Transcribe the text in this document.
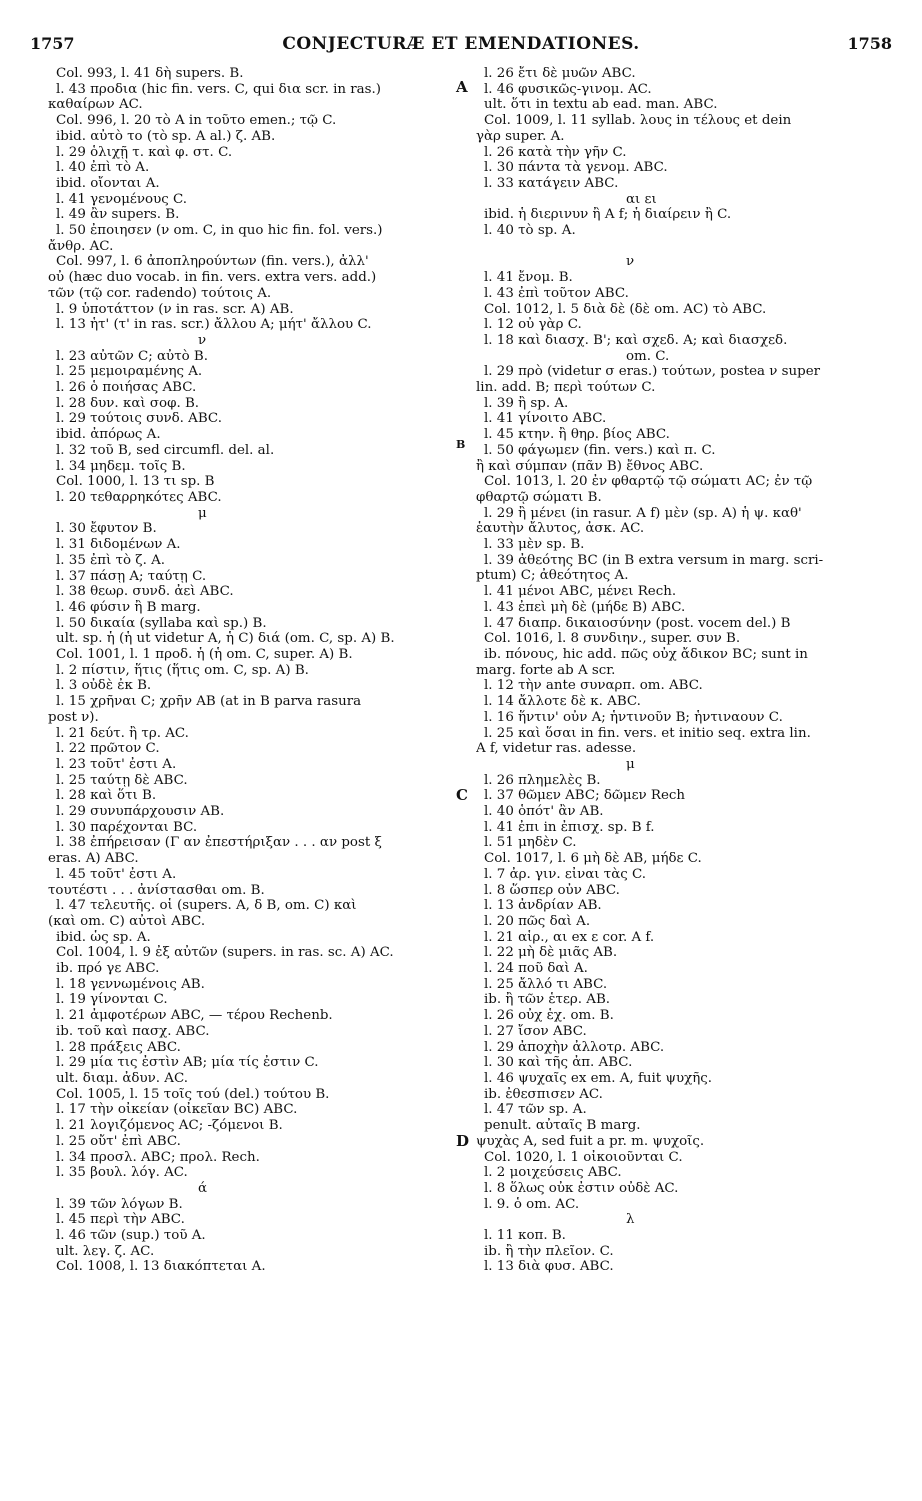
1757	CONJECTURÆ ET EMENDATIONES.	1758
Col. 993, l. 41 δὴ supers. B.
l. 43 προδια (hic fin. vers. C, qui δια scr. in ras.)
καθαίρων AC.
Col. 996, l. 20 τὸ A in τοῦτο emen.; τῷ C.
ibid. αὐτὸ το (τὸ sp. A al.) ζ. AB.
l. 29 ὁλιχῇ τ. καὶ φ. στ. C.
l. 40 ἐπὶ τὸ A.
ibid. οἴονται A.
l. 41 γενομένους C.
l. 49 ἂν supers. B.
l. 50 ἐποιησεν (ν om. C, in quo hic fin. fol. vers.)
ἄνθρ. AC.
Col. 997, l. 6 ἀποπληρούντων (fin. vers.), ἀλλ'
οὐ (hæc duo vocab. in fin. vers. extra vers. add.)
τῶν (τῷ cor. radendo) τούτοις A.
l. 9 ὑποτάττον (ν in ras. scr. A) AB.
l. 13 ἧτ' (τ' in ras. scr.) ἄλλου A; μήτ' ἄλλου C.
ν
l. 23 αὐτῶν C; αὐτὸ B.
l. 25 μεμοιραμένης A.
l. 26 ὁ ποιήσας ABC.
l. 28 δυν. καὶ σοφ. B.
l. 29 τούτοις συνδ. ABC.
ibid. ἀπόρως A.
l. 32 τοῦ B, sed circumfl. del. al.
l. 34 μηδεμ. τοῖς B.
Col. 1000, l. 13 τι sp. B
l. 20 τεθαρρηκότες ABC.
μ
l. 30 ἔφυτον B.
l. 31 διδομένων A.
l. 35 ἐπὶ τὸ ζ. A.
l. 37 πάσῃ A; ταύτῃ C.
l. 38 θεωρ. συνδ. ἀεὶ ABC.
l. 46 φύσιν ἢ B marg.
l. 50 δικαία (syllaba καὶ sp.) B.
ult. sp. ἡ (ἡ ut videtur A, ἡ C) διά (om. C, sp. A) B.
Col. 1001, l. 1 προδ. ἡ (ἡ om. C, super. A) B.
l. 2 πίστιν, ἥτις (ἥτις om. C, sp. A) B.
l. 3 οὐδὲ ἐκ B.
l. 15 χρῆναι C; χρῆν AB (at in B parva rasura
post ν).
l. 21 δεύτ. ἢ τρ. AC.
l. 22 πρῶτον C.
l. 23 τοῦτ' ἐστι A.
l. 25 ταύτῃ δὲ ABC.
l. 28 καὶ ὅτι B.
l. 29 συνυπάρχουσιν AB.
l. 30 παρέχονται BC.
l. 38 ἐπήρεισαν (Γ αν ἐπεστήριξαν . . . αν post ξ
eras. A) ABC.
l. 45 τοῦτ' ἐστι A.
τουτέστι . . . ἀνίστασθαι om. B.
l. 47 τελευτῆς. οἱ (supers. A, δ B, om. C) καὶ
(καὶ om. C) αὐτοὶ ABC.
ibid. ὡς sp. A.
Col. 1004, l. 9 ἐξ αὐτῶν (supers. in ras. sc. A) AC.
ib. πρό γε ABC.
l. 18 γεννωμένοις AB.
l. 19 γίνονται C.
l. 21 ἀμφοτέρων ABC, — τέρου Rechenb.
ib. τοῦ καὶ πασχ. ABC.
l. 28 πράξεις ABC.
l. 29 μία τις ἐστὶν AB; μία τίς ἐστιν C.
ult. διαμ. ἀδυν. AC.
Col. 1005, l. 15 τοῖς τού (del.) τούτου B.
l. 17 τὴν οἰκείαν (οἰκεῖαν BC) ABC.
l. 21 λογιζόμενος AC; -ζόμενοι B.
l. 25 οὔτ' ἐπὶ ABC.
l. 34 προσλ. ABC; προλ. Rech.
l. 35 βουλ. λόγ. AC.
ά
l. 39 τῶν λόγων B.
l. 45 περὶ τὴν ABC.
l. 46 τῶν (sup.) τοῦ A.
ult. λεγ. ζ. AC.
Col. 1008, l. 13 διακόπτεται A.
l. 26 ἔτι δὲ μυῶν ABC.
l. 46 φυσικῶς-γινομ. AC.
ult. ὅτι in textu ab ead. man. ABC.
Col. 1009, l. 11 syllab. λους in τέλους et dein
γὰρ super. A.
l. 26 κατὰ τὴν γῆν C.
l. 30 πάντα τὰ γενομ. ABC.
l. 33 κατάγειν ABC.
αι ει
ibid. ἡ διερινυν ἢ A f; ἡ διαίρειν ἢ C.
l. 40 τὸ sp. A.
ν
l. 41 ἔνομ. B.
l. 43 ἐπὶ τοῦτον ABC.
Col. 1012, l. 5 διὰ δὲ (δὲ om. AC) τὸ ABC.
l. 12 οὐ γὰρ C.
l. 18 καὶ διασχ. B'; καὶ σχεδ. A; καὶ διασχεδ.
om. C.
l. 29 πρὸ (videtur σ eras.) τούτων, postea ν super
lin. add. B; περὶ τούτων C.
l. 39 ἢ sp. A.
l. 41 γίνοιτο ABC.
l. 45 κτην. ἢ θηρ. βίος ABC.
l. 50 φάγωμεν (fin. vers.) καὶ π. C.
ἢ καὶ σύμπαν (πᾶν B) ἔθνος ABC.
Col. 1013, l. 20 ἐν φθαρτῷ τῷ σώματι AC; ἐν τῷ
φθαρτῷ σώματι B.
l. 29 ἢ μένει (in rasur. A f) μὲν (sp. A) ἡ ψ. καθ'
ἑαυτὴν ἄλυτος, ἀσκ. AC.
l. 33 μὲν sp. B.
l. 39 ἀθεότης BC (in B extra versum in marg. scri-
ptum) C; ἀθεότητος A.
l. 41 μένοι ABC, μένει Rech.
l. 43 ἐπεὶ μὴ δὲ (μήδε B) ABC.
l. 47 διαπρ. δικαιοσύνην (post. vocem del.) B
Col. 1016, l. 8 συνδιην., super. συν B.
ib. πόνους, hic add. πῶς οὐχ ἄδικον BC; sunt in
marg. forte ab A scr.
l. 12 τὴν ante συναρπ. om. ABC.
l. 14 ἄλλοτε δὲ κ. ABC.
l. 16 ἥντιν' οὖν A; ἡντινοῦν B; ἡντιναουν C.
l. 25 καὶ ὅσαι in fin. vers. et initio seq. extra lin.
A f, videtur ras. adesse.
μ
l. 26 πλημελὲς B.
l. 37 θῶμεν ABC; δῶμεν Rech
l. 40 ὁπότ' ἂν AB.
l. 41 ἐπι in ἐπισχ. sp. B f.
l. 51 μηδὲν C.
Col. 1017, l. 6 μὴ δὲ AB, μήδε C.
l. 7 ἀρ. γιν. εἶναι τὰς C.
l. 8 ὥσπερ οὖν ABC.
l. 13 ἀνδρίαν AB.
l. 20 πῶς δαὶ A.
l. 21 αἱρ., αι ex ε cor. A f.
l. 22 μὴ δὲ μιᾶς AB.
l. 24 ποῦ δαὶ A.
l. 25 ἄλλό τι ABC.
ib. ἢ τῶν ἑτερ. AB.
l. 26 οὐχ ἑχ. om. B.
l. 27 ἴσον ABC.
l. 29 ἀποχὴν ἀλλοτρ. ABC.
l. 30 καὶ τῆς ἀπ. ABC.
l. 46 ψυχαῖς ex em. A, fuit ψυχῆς.
ib. ἐθεσπισεν AC.
l. 47 τῶν sp. A.
penult. αὐταῖς B marg.
ψυχὰς A, sed fuit a pr. m. ψυχοῖς.
Col. 1020, l. 1 οἰκοιοῦνται C.
l. 2 μοιχεύσεις ABC.
l. 8 ὅλως οὐκ ἐστιν οὐδὲ AC.
l. 9. ὁ om. AC.
λ
l. 11 κοπ. B.
ib. ἢ τὴν πλεῖον. C.
l. 13 διὰ φυσ. ABC.
A
B
C
D
